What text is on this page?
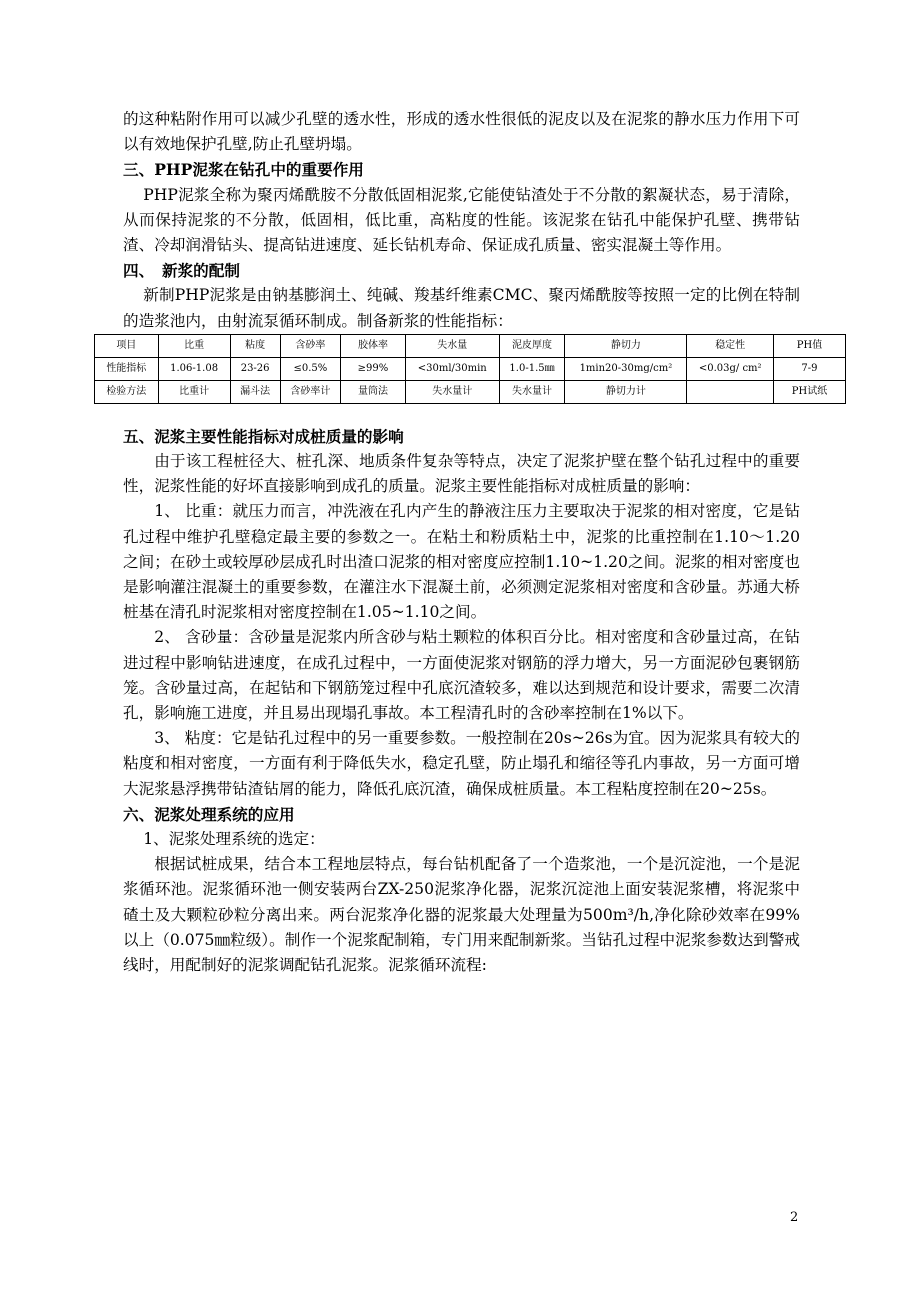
的这种粘附作用可以减少孔壁的透水性，形成的透水性很低的泥皮以及在泥浆的静水压力作用下可以有效地保护孔壁,防止孔壁坍塌。

三、PHP泥浆在钻孔中的重要作用

PHP泥浆全称为聚丙烯酰胺不分散低固相泥浆,它能使钻渣处于不分散的絮凝状态，易于清除，从而保持泥浆的不分散，低固相，低比重，高粘度的性能。该泥浆在钻孔中能保护孔壁、携带钻渣、冷却润滑钻头、提高钻进速度、延长钻机寿命、保证成孔质量、密实混凝土等作用。

四、　新浆的配制

新制PHP泥浆是由钠基膨润土、纯碱、羧基纤维素CMC、聚丙烯酰胺等按照一定的比例在特制的造浆池内，由射流泵循环制成。制备新浆的性能指标：

项目	比重	粘度	含砂率	胶体率	失水量	泥皮厚度	静切力	稳定性	PH值
性能指标	1.06-1.08	23-26	≤0.5%	≥99%	<30ml/30min	1.0-1.5㎜	1min20-30mg/cm²	<0.03g/ cm²	7-9
检验方法	比重计	漏斗法	含砂率计	量筒法	失水量计	失水量计	静切力计		PH试纸

五、泥浆主要性能指标对成桩质量的影响

由于该工程桩径大、桩孔深、地质条件复杂等特点，决定了泥浆护壁在整个钻孔过程中的重要性，泥浆性能的好坏直接影响到成孔的质量。泥浆主要性能指标对成桩质量的影响：

1、 比重：就压力而言，冲洗液在孔内产生的静液注压力主要取决于泥浆的相对密度，它是钻孔过程中维护孔壁稳定最主要的参数之一。在粘土和粉质粘土中，泥浆的比重控制在1.10～1.20之间；在砂土或较厚砂层成孔时出渣口泥浆的相对密度应控制1.10~1.20之间。泥浆的相对密度也是影响灌注混凝土的重要参数，在灌注水下混凝土前，必须测定泥浆相对密度和含砂量。苏通大桥桩基在清孔时泥浆相对密度控制在1.05~1.10之间。

2、 含砂量：含砂量是泥浆内所含砂与粘土颗粒的体积百分比。相对密度和含砂量过高，在钻进过程中影响钻进速度，在成孔过程中，一方面使泥浆对钢筋的浮力增大，另一方面泥砂包裹钢筋笼。含砂量过高，在起钻和下钢筋笼过程中孔底沉渣较多，难以达到规范和设计要求，需要二次清孔，影响施工进度，并且易出现塌孔事故。本工程清孔时的含砂率控制在1%以下。

3、 粘度：它是钻孔过程中的另一重要参数。一般控制在20s~26s为宜。因为泥浆具有较大的粘度和相对密度，一方面有利于降低失水，稳定孔壁，防止塌孔和缩径等孔内事故，另一方面可增大泥浆悬浮携带钻渣钻屑的能力，降低孔底沉渣，确保成桩质量。本工程粘度控制在20~25s。

六、泥浆处理系统的应用

1、泥浆处理系统的选定：

根据试桩成果，结合本工程地层特点，每台钻机配备了一个造浆池，一个是沉淀池，一个是泥浆循环池。泥浆循环池一侧安装两台ZX-250泥浆净化器，泥浆沉淀池上面安装泥浆槽，将泥浆中碴土及大颗粒砂粒分离出来。两台泥浆净化器的泥浆最大处理量为500m³/h,净化除砂效率在99%以上（0.075㎜粒级）。制作一个泥浆配制箱，专门用来配制新浆。当钻孔过程中泥浆参数达到警戒线时，用配制好的泥浆调配钻孔泥浆。泥浆循环流程:

2
